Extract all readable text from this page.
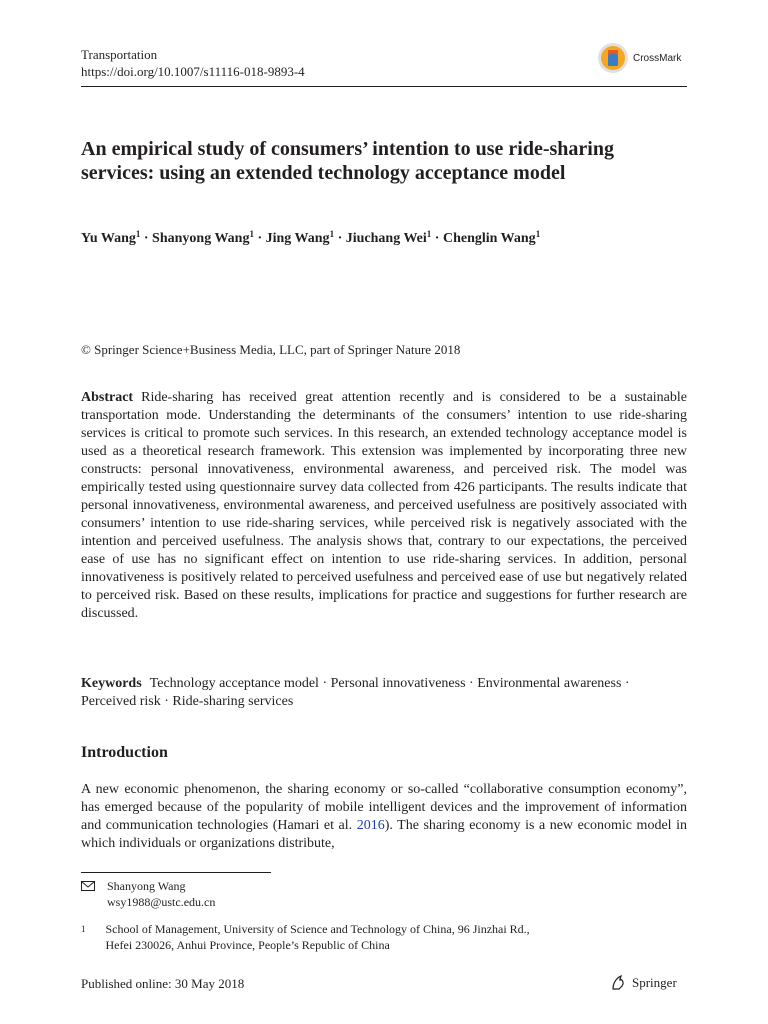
Transportation
https://doi.org/10.1007/s11116-018-9893-4
CrossMark
An empirical study of consumers’ intention to use ride-sharing services: using an extended technology acceptance model
Yu Wang$^1$ · Shanyong Wang$^1$ · Jing Wang$^1$ · Jiuchang Wei$^1$ · Chenglin Wang$^1$
© Springer Science+Business Media, LLC, part of Springer Nature 2018
Abstract Ride-sharing has received great attention recently and is considered to be a sustainable transportation mode. Understanding the determinants of the consumers’ intention to use ride-sharing services is critical to promote such services. In this research, an extended technology acceptance model is used as a theoretical research framework. This extension was implemented by incorporating three new constructs: personal innovativeness, environmental awareness, and perceived risk. The model was empirically tested using questionnaire survey data collected from 426 participants. The results indicate that personal innovativeness, environmental awareness, and perceived usefulness are positively associated with consumers’ intention to use ride-sharing services, while perceived risk is negatively associated with the intention and perceived usefulness. The analysis shows that, contrary to our expectations, the perceived ease of use has no significant effect on intention to use ride-sharing services. In addition, personal innovativeness is positively related to perceived usefulness and perceived ease of use but negatively related to perceived risk. Based on these results, implications for practice and suggestions for further research are discussed.
Keywords Technology acceptance model · Personal innovativeness · Environmental awareness · Perceived risk · Ride-sharing services
Introduction
A new economic phenomenon, the sharing economy or so-called “collaborative consumption economy”, has emerged because of the popularity of mobile intelligent devices and the improvement of information and communication technologies (Hamari et al. 2016). The sharing economy is a new economic model in which individuals or organizations distribute,
Shanyong Wang
wsy1988@ustc.edu.cn
1 School of Management, University of Science and Technology of China, 96 Jinzhai Rd.,
Hefei 230026, Anhui Province, People’s Republic of China
Published online: 30 May 2018	Springer
